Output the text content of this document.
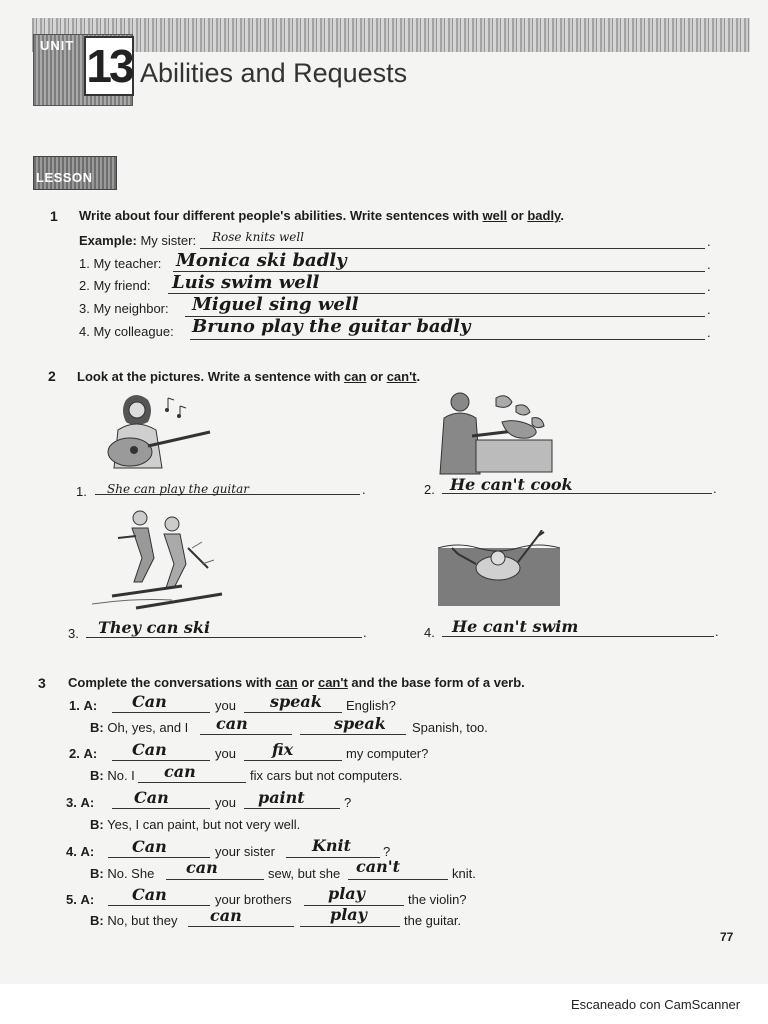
UNIT 13 Abilities and Requests
LESSON
1 Write about four different people's abilities. Write sentences with well or badly.
Example: My sister:	.
Rose knits well
1. My teacher:	.
Monica ski badly
2. My friend:	.
Luis swim well
3. My neighbor:	.
Miguel sing well
4. My colleague:	.
Bruno play the guitar badly
2 Look at the pictures. Write a sentence with can or can't.
1.	.
She can play the guitar	2.	.
He can't cook
3.	.
They can ski	4.	.
He can't swim
3 Complete the conversations with can or can't and the base form of a verb.
1. A: Can	you speak English?
B: Oh, yes, and I can	speak Spanish, too.
2. A: Can	you fix	my computer?
B: No. I can	fix cars but not computers.
3. A: Can	you paint	?
B: Yes, I can paint, but not very well.
4. A: Can	your sister Knit ?
B: No. She can	sew, but she can't	knit.
5. A: Can	your brothers play	the violin?
B: No, but they can	play	the guitar.
77
Escaneado con CamScanner
